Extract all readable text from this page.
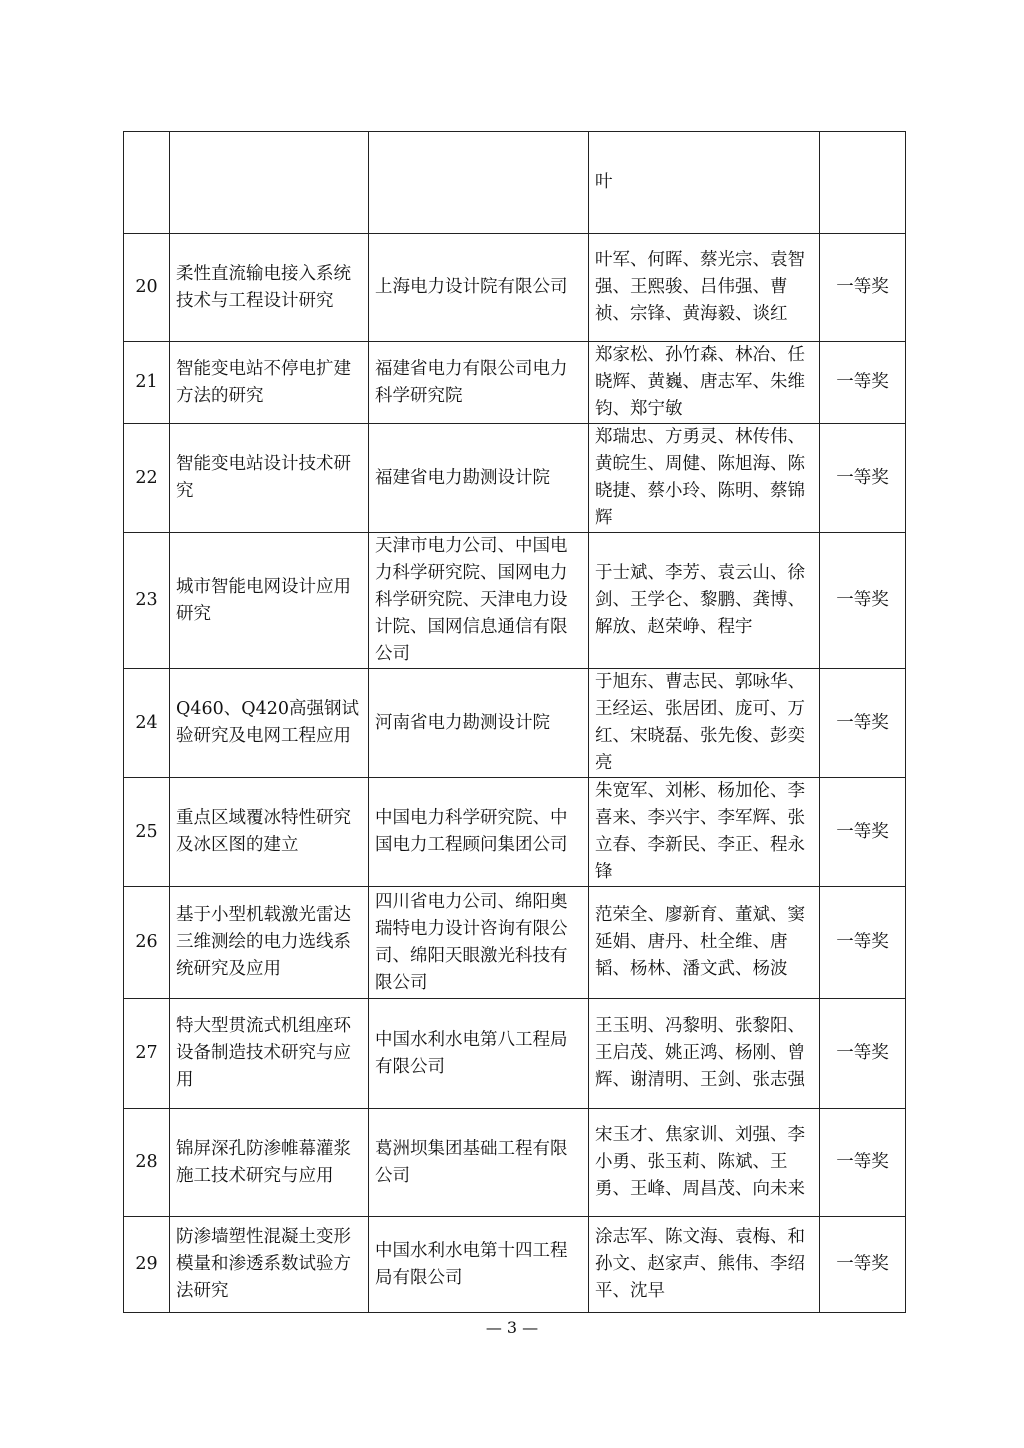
			叶	
20	柔性直流输电接入系统技术与工程设计研究	上海电力设计院有限公司	叶军、何晖、蔡光宗、袁智强、王熙骏、吕伟强、曹祯、宗锋、黄海毅、谈红	一等奖
21	智能变电站不停电扩建方法的研究	福建省电力有限公司电力科学研究院	郑家松、孙竹森、林冶、任晓辉、黄巍、唐志军、朱维钧、郑宁敏	一等奖
22	智能变电站设计技术研究	福建省电力勘测设计院	郑瑞忠、方勇灵、林传伟、黄皖生、周健、陈旭海、陈晓捷、蔡小玲、陈明、蔡锦辉	一等奖
23	城市智能电网设计应用研究	天津市电力公司、中国电力科学研究院、国网电力科学研究院、天津电力设计院、国网信息通信有限公司	于士斌、李芳、袁云山、徐剑、王学仑、黎鹏、龚博、解放、赵荣峥、程宇	一等奖
24	Q460、Q420高强钢试验研究及电网工程应用	河南省电力勘测设计院	于旭东、曹志民、郭咏华、王经运、张居团、庞可、万红、宋晓磊、张先俊、彭奕亮	一等奖
25	重点区域覆冰特性研究及冰区图的建立	中国电力科学研究院、中国电力工程顾问集团公司	朱宽军、刘彬、杨加伦、李喜来、李兴宇、李军辉、张立春、李新民、李正、程永锋	一等奖
26	基于小型机载激光雷达三维测绘的电力选线系统研究及应用	四川省电力公司、绵阳奥瑞特电力设计咨询有限公司、绵阳天眼激光科技有限公司	范荣全、廖新育、董斌、窦延娟、唐丹、杜全维、唐韬、杨林、潘文武、杨波	一等奖
27	特大型贯流式机组座环设备制造技术研究与应用	中国水利水电第八工程局有限公司	王玉明、冯黎明、张黎阳、王启茂、姚正鸿、杨刚、曾辉、谢清明、王剑、张志强	一等奖
28	锦屏深孔防渗帷幕灌浆施工技术研究与应用	葛洲坝集团基础工程有限公司	宋玉才、焦家训、刘强、李小勇、张玉莉、陈斌、王勇、王峰、周昌茂、向未来	一等奖
29	防渗墙塑性混凝土变形模量和渗透系数试验方法研究	中国水利水电第十四工程局有限公司	涂志军、陈文海、袁梅、和孙文、赵家声、熊伟、李绍平、沈早	一等奖
— 3 —
